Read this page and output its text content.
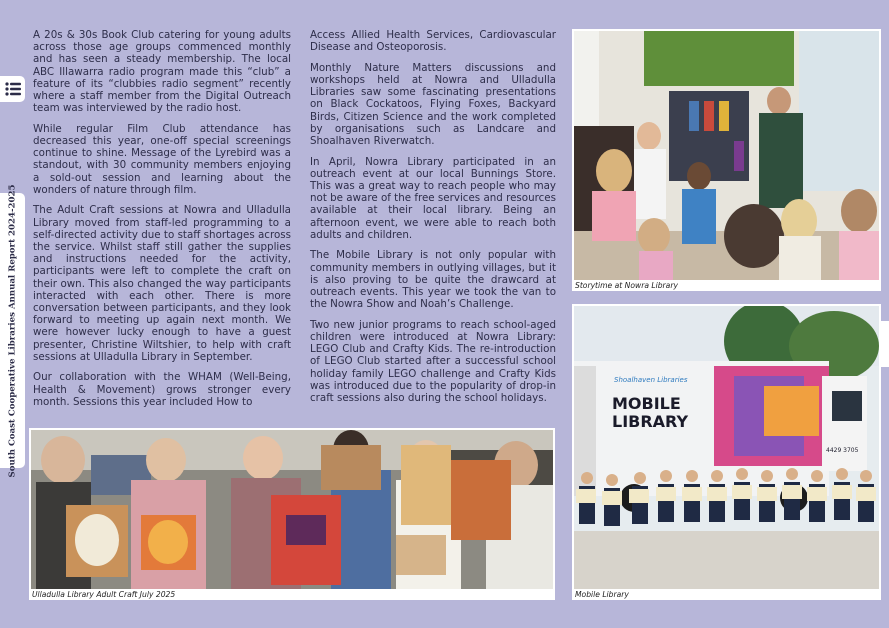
South Coast Cooperative Libraries Annual Report 2024-2025

A 20s & 30s Book Club catering for young adults across those age groups commenced monthly and has seen a steady membership. The local ABC Illawarra radio program made this “club” a feature of its “clubbies radio segment” recently where a staff member from the Digital Outreach team was interviewed by the radio host.

While regular Film Club attendance has decreased this year, one-off special screenings continue to shine. Message of the Lyrebird was a standout, with 30 community members enjoying a sold-out session and learning about the wonders of nature through film.

The Adult Craft sessions at Nowra and Ulladulla Library moved from staff-led programming to a self-directed activity due to staff shortages across the service. Whilst staff still gather the supplies and instructions needed for the activity, participants were left to complete the craft on their own. This also changed the way participants interacted with each other. There is more conversation between participants, and they look forward to meeting up again next month. We were however lucky enough to have a guest presenter, Christine Wiltshier, to help with craft sessions at Ulladulla Library in September.

Our collaboration with the WHAM (Well-Being, Health & Movement) grows stronger every month. Sessions this year included How to

Access Allied Health Services, Cardiovascular Disease and Osteoporosis.

Monthly Nature Matters discussions and workshops held at Nowra and Ulladulla Libraries saw some fascinating presentations on Black Cockatoos, Flying Foxes, Backyard Birds, Citizen Science and the work completed by organisations such as Landcare and Shoalhaven Riverwatch.

In April, Nowra Library participated in an outreach event at our local Bunnings Store. This was a great way to reach people who may not be aware of the free services and resources available at their local library. Being an afternoon event, we were able to reach both adults and children.

The Mobile Library is not only popular with community members in outlying villages, but it is also proving to be quite the drawcard at outreach events. This year we took the van to the Nowra Show and Noah’s Challenge.

Two new junior programs to reach school-aged children were introduced at Nowra Library: LEGO Club and Crafty Kids. The re-introduction of LEGO Club started after a successful school holiday family LEGO challenge and Crafty Kids was introduced due to the popularity of drop-in craft sessions also during the school holidays.

Storytime at Nowra Library
Shoalhaven Libraries
MOBILE
LIBRARY
4429 3705
Mobile Library
Ulladulla Library Adult Craft July 2025
